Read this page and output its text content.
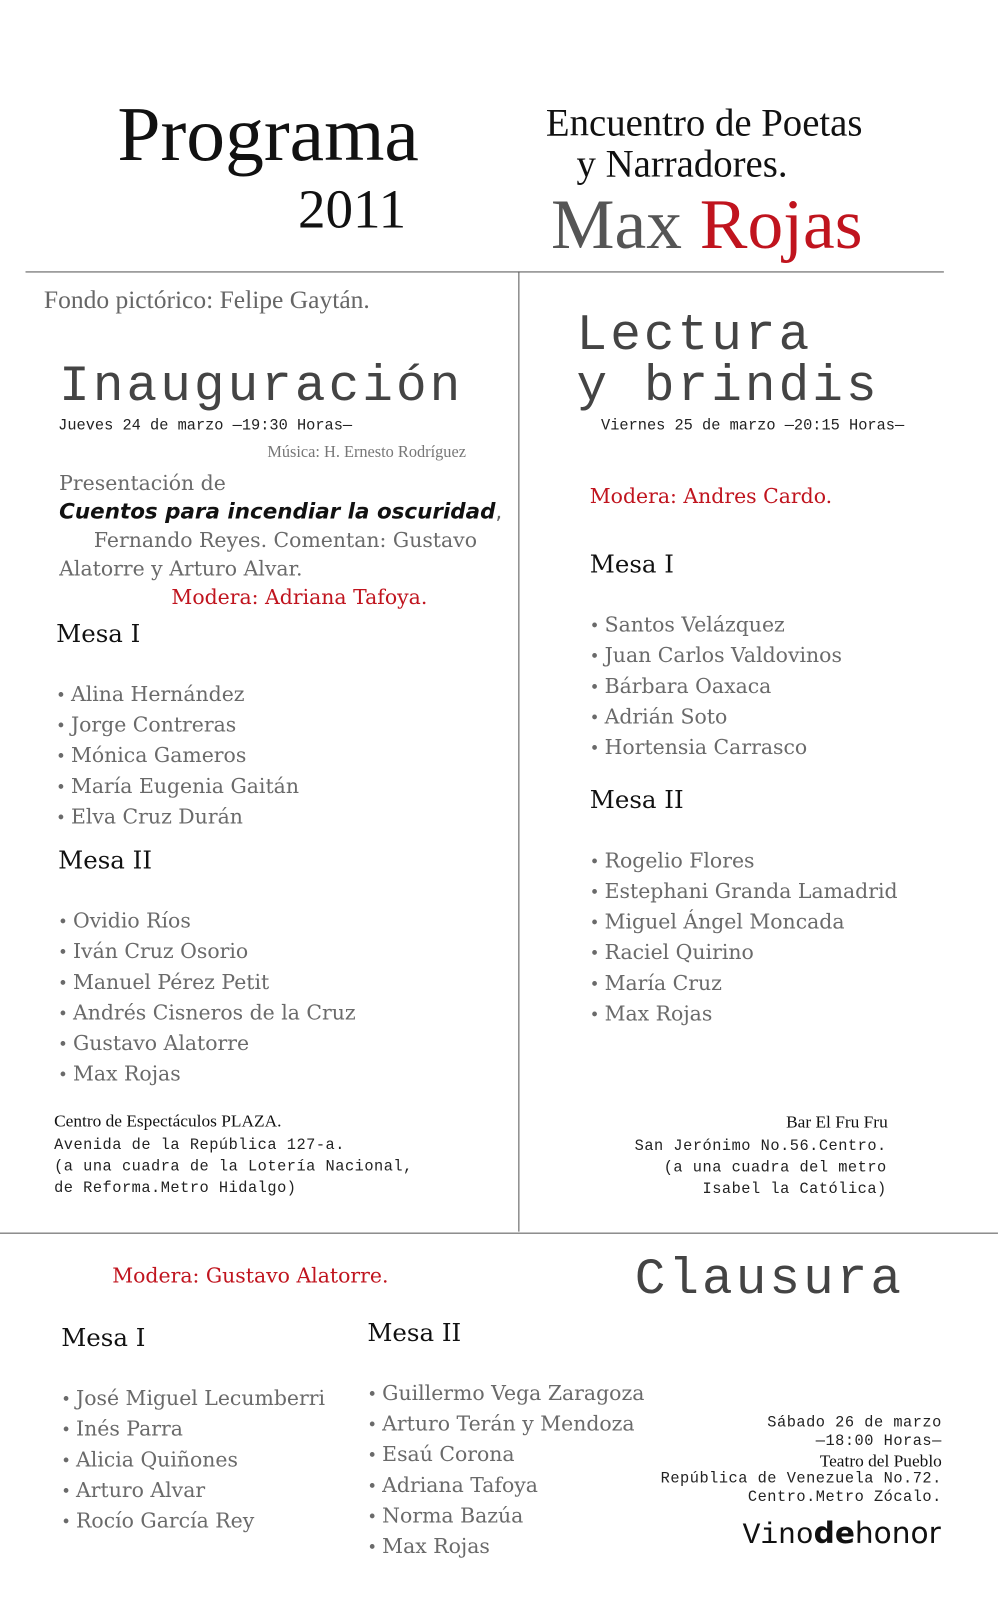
Programa
2011
Encuentro de Poetas
y Narradores.
Max Rojas
Fondo pictórico: Felipe Gaytán.
Inauguración
Jueves 24 de marzo —19:30 Horas—
Música: H. Ernesto Rodríguez
Presentación de
Cuentos para incendiar la oscuridad,
Fernando Reyes. Comentan: Gustavo
Alatorre y Arturo Alvar.
Modera: Adriana Tafoya.
Mesa I
• Alina Hernández
• Jorge Contreras
• Mónica Gameros
• María Eugenia Gaitán
• Elva Cruz Durán
Mesa II
• Ovidio Ríos
• Iván Cruz Osorio
• Manuel Pérez Petit
• Andrés Cisneros de la Cruz
• Gustavo Alatorre
• Max Rojas
Centro de Espectáculos PLAZA.
Avenida de la República 127-a.
(a una cuadra de la Lotería Nacional,
de Reforma.Metro Hidalgo)
Lectura
y brindis
Viernes 25 de marzo —20:15 Horas—
Modera: Andres Cardo.
Mesa I
• Santos Velázquez
• Juan Carlos Valdovinos
• Bárbara Oaxaca
• Adrián Soto
• Hortensia Carrasco
Mesa II
• Rogelio Flores
• Estephani Granda Lamadrid
• Miguel Ángel Moncada
• Raciel Quirino
• María Cruz
• Max Rojas
Bar El Fru Fru
San Jerónimo No.56.Centro.
(a una cuadra del metro
Isabel la Católica)
Modera: Gustavo Alatorre.	Clausura
Mesa I
• José Miguel Lecumberri
• Inés Parra
• Alicia Quiñones
• Arturo Alvar
• Rocío García Rey
Mesa II
• Guillermo Vega Zaragoza
• Arturo Terán y Mendoza
• Esaú Corona
• Adriana Tafoya
• Norma Bazúa
• Max Rojas
Sábado 26 de marzo
—18:00 Horas—
Teatro del Pueblo
República de Venezuela No.72.
Centro.Metro Zócalo.
Vinodehonor
